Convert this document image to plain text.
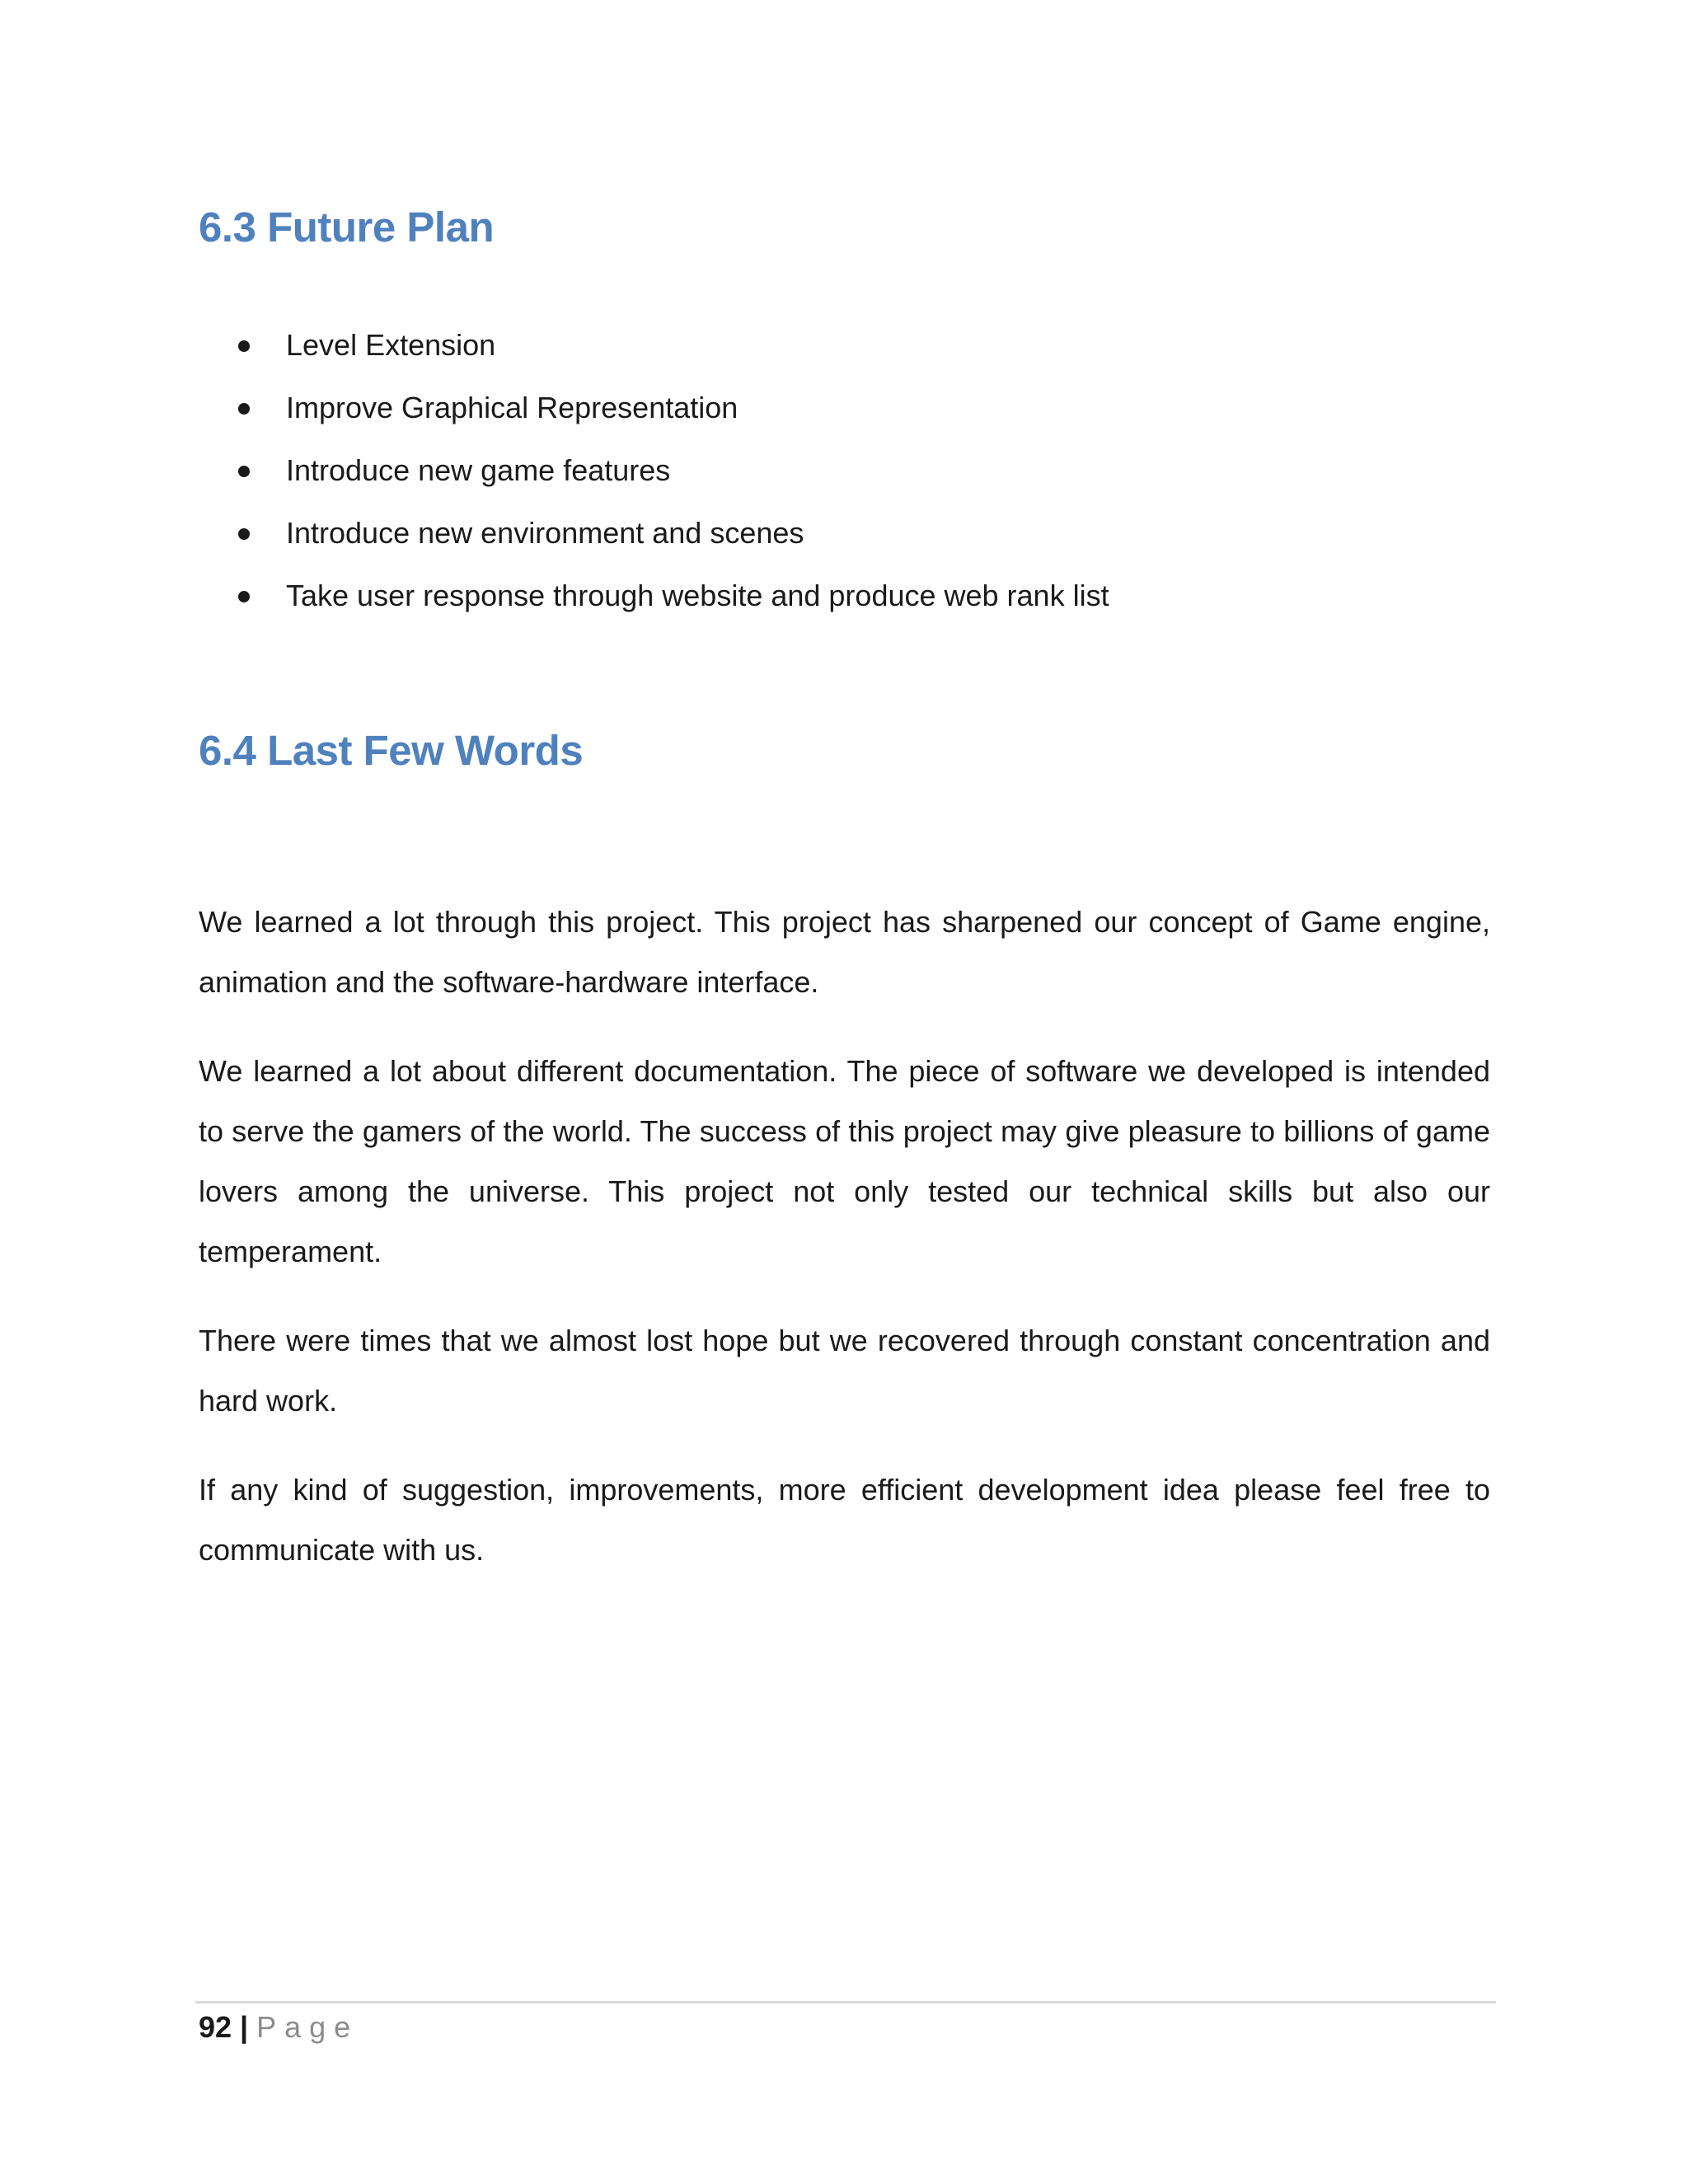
6.3 Future Plan
Level Extension
Improve Graphical Representation
Introduce new game features
Introduce new environment and scenes
Take user response through website and produce web rank list
6.4 Last Few Words

We learned a lot through this project. This project has sharpened our concept of Game engine, animation and the software-hardware interface.

We learned a lot about different documentation. The piece of software we developed is intended to serve the gamers of the world. The success of this project may give pleasure to billions of game lovers among the universe. This project not only tested our technical skills but also our temperament.

There were times that we almost lost hope but we recovered through constant concentration and hard work.

If any kind of suggestion, improvements, more efficient development idea please feel free to communicate with us.

92 | Page
